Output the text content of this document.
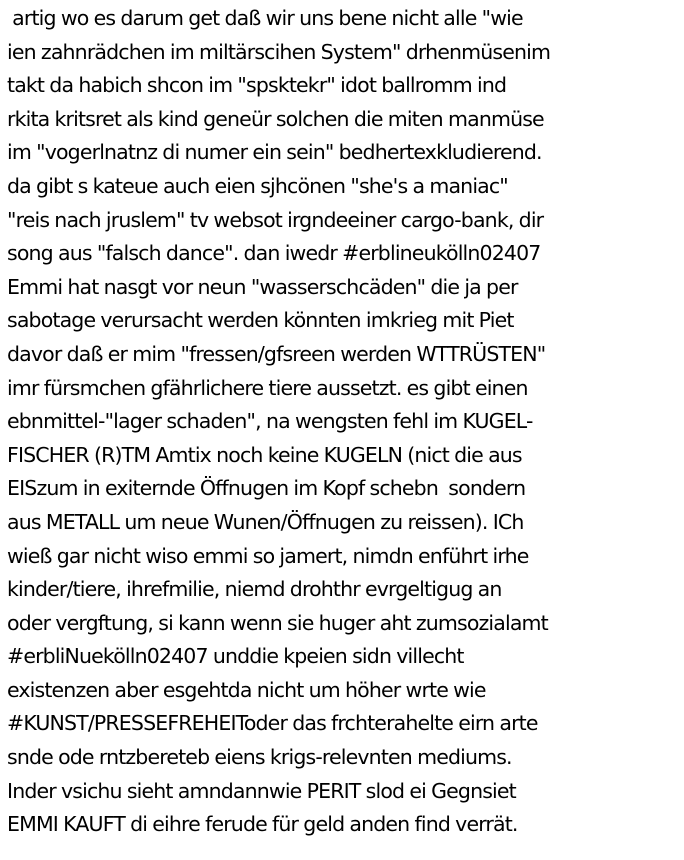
artig wo es darum get daß wir uns bene nicht alle "wie
ien zahnrädchen im miltärscihen System" drhenmüsenim
takt da habich shcon im "spsktekr" idot ballromm ind
rkita kritsret als kind geneür solchen die miten manmüse
im "vogerlnatnz di numer ein sein" bedhertexkludierend.
da gibt s kateue auch eien sjhcönen "she's a maniac"
"reis nach jruslem" tv websot irgndeeiner cargo-bank, dir
song aus "falsch dance". dan iwedr #erblineukölln02407
Emmi hat nasgt vor neun "wasserschcäden" die ja per
sabotage verursacht werden könnten imkrieg mit Piet
davor daß er mim "fressen/gfsreen werden WTTRÜSTEN"
imr fürsmchen gfährlichere tiere aussetzt. es gibt einen
ebnmittel-"lager schaden", na wengsten fehl im KUGEL-
FISCHER (R)TM Amtix noch keine KUGELN (nict die aus
EISzum in exiternde Öffnugen im Kopf schebn  sondern
aus METALL um neue Wunen/Öffnugen zu reissen). ICh
wieß gar nicht wiso emmi so jamert, nimdn enführt irhe
kinder/tiere, ihrefmilie, niemd drohthr evrgeltigug an
oder vergftung, si kann wenn sie huger aht zumsozialamt
#erbliNuekölln02407 unddie kpeien sidn villecht
existenzen aber esgehtda nicht um höher wrte wie
#KUNST/PRESSEFREHEIToder das frchterahelte eirn arte
snde ode rntzbereteb eiens krigs-relevnten mediums.
Inder vsichu sieht amndannwie PERIT slod ei Gegnsiet
EMMI KAUFT di eihre ferude für geld anden find verrät.
